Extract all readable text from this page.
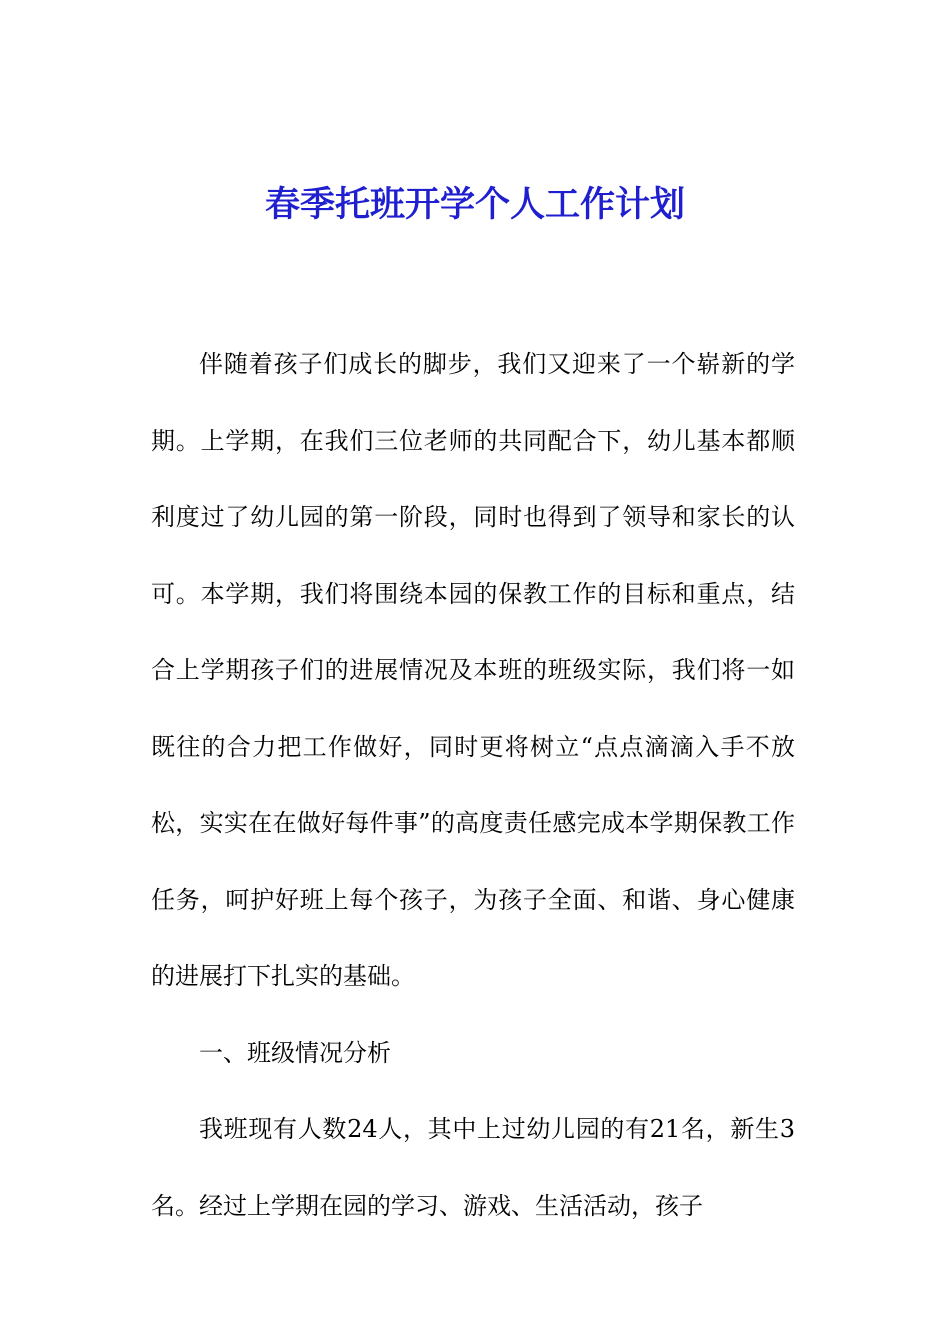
春季托班开学个人工作计划

伴随着孩子们成长的脚步，我们又迎来了一个崭新的学期。上学期，在我们三位老师的共同配合下，幼儿基本都顺利度过了幼儿园的第一阶段，同时也得到了领导和家长的认可。本学期，我们将围绕本园的保教工作的目标和重点，结合上学期孩子们的进展情况及本班的班级实际，我们将一如既往的合力把工作做好，同时更将树立“点点滴滴入手不放松，实实在在做好每件事”的高度责任感完成本学期保教工作任务，呵护好班上每个孩子，为孩子全面、和谐、身心健康的进展打下扎实的基础。

一、班级情况分析

我班现有人数24人，其中上过幼儿园的有21名，新生3名。经过上学期在园的学习、游戏、生活活动，孩子
